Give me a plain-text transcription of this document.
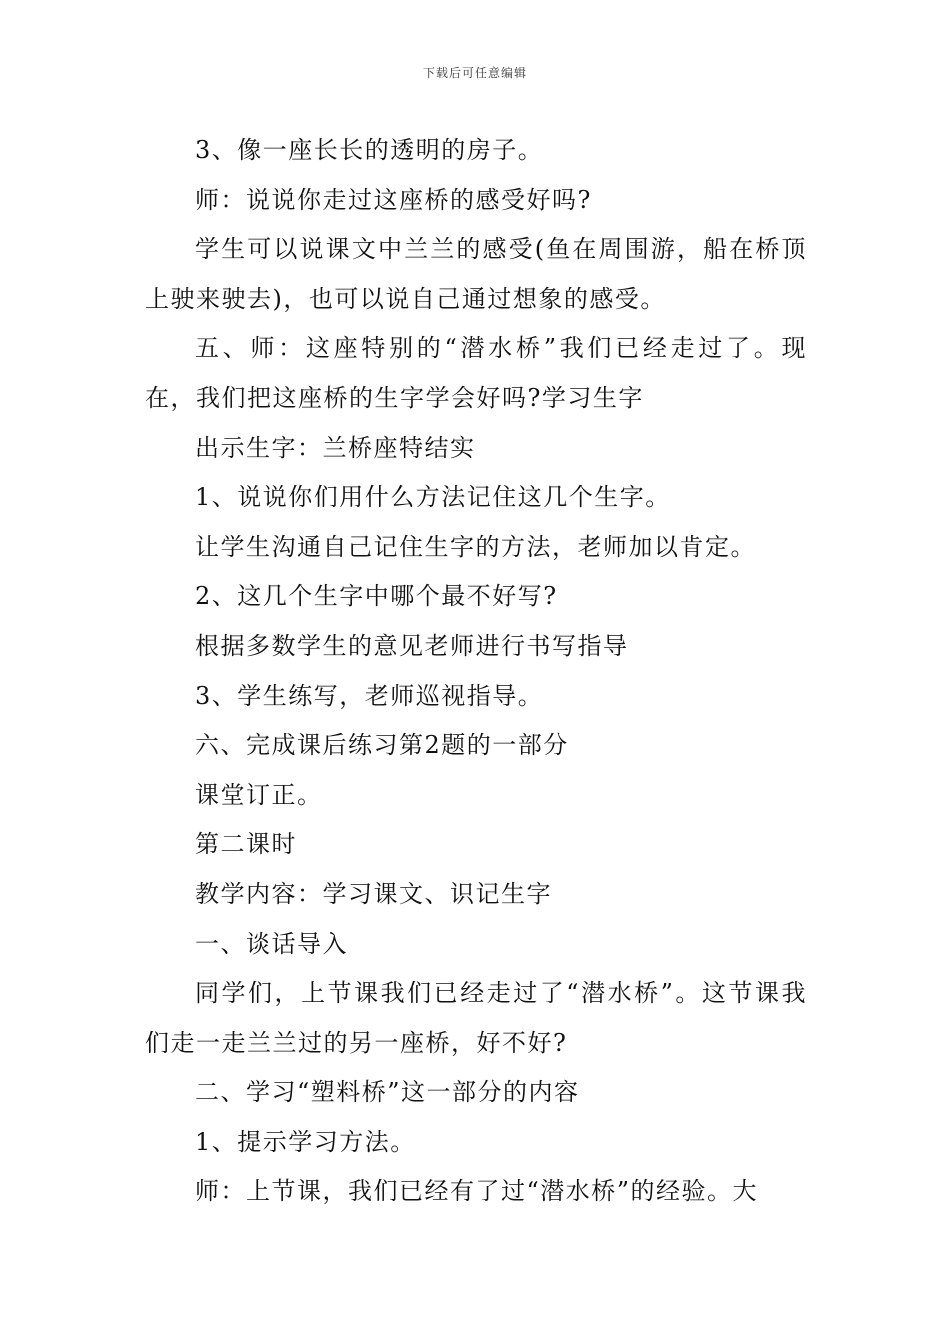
下载后可任意编辑

3、像一座长长的透明的房子。

师：说说你走过这座桥的感受好吗?

学生可以说课文中兰兰的感受(鱼在周围游，船在桥顶上驶来驶去)，也可以说自己通过想象的感受。

五、师：这座特别的“潜水桥”我们已经走过了。现在，我们把这座桥的生字学会好吗?学习生字

出示生字：兰桥座特结实

1、说说你们用什么方法记住这几个生字。

让学生沟通自己记住生字的方法，老师加以肯定。

2、这几个生字中哪个最不好写?

根据多数学生的意见老师进行书写指导

3、学生练写，老师巡视指导。

六、完成课后练习第2题的一部分

课堂订正。

第二课时

教学内容：学习课文、识记生字

一、谈话导入

同学们，上节课我们已经走过了“潜水桥”。这节课我们走一走兰兰过的另一座桥，好不好?

二、学习“塑料桥”这一部分的内容

1、提示学习方法。

师：上节课，我们已经有了过“潜水桥”的经验。大
